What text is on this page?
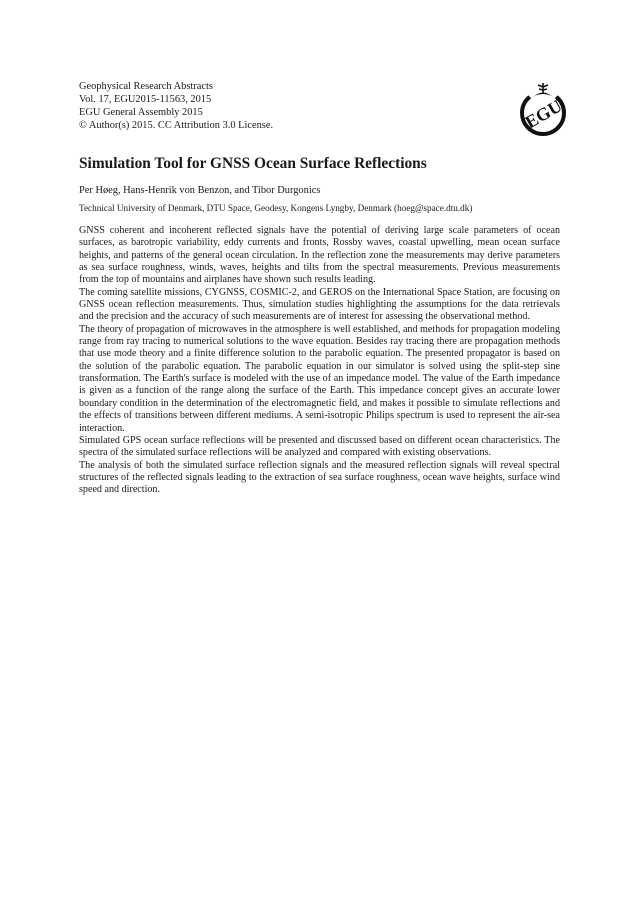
Geophysical Research Abstracts
Vol. 17, EGU2015-11563, 2015
EGU General Assembly 2015
© Author(s) 2015. CC Attribution 3.0 License.	EGU
Simulation Tool for GNSS Ocean Surface Reflections
Per Høeg, Hans-Henrik von Benzon, and Tibor Durgonics
Technical University of Denmark, DTU Space, Geodesy, Kongens Lyngby, Denmark (hoeg@space.dtu.dk)

GNSS coherent and incoherent reflected signals have the potential of deriving large scale parameters of ocean surfaces, as barotropic variability, eddy currents and fronts, Rossby waves, coastal upwelling, mean ocean surface heights, and patterns of the general ocean circulation. In the reflection zone the measurements may derive parameters as sea surface roughness, winds, waves, heights and tilts from the spectral measurements. Previous measurements from the top of mountains and airplanes have shown such results leading.

The coming satellite missions, CYGNSS, COSMIC-2, and GEROS on the International Space Station, are focusing on GNSS ocean reflection measurements. Thus, simulation studies highlighting the assumptions for the data retrievals and the precision and the accuracy of such measurements are of interest for assessing the observational method.

The theory of propagation of microwaves in the atmosphere is well established, and methods for propagation modeling range from ray tracing to numerical solutions to the wave equation. Besides ray tracing there are propagation methods that use mode theory and a finite difference solution to the parabolic equation. The presented propagator is based on the solution of the parabolic equation. The parabolic equation in our simulator is solved using the split-step sine transformation. The Earth's surface is modeled with the use of an impedance model. The value of the Earth impedance is given as a function of the range along the surface of the Earth. This impedance concept gives an accurate lower boundary condition in the determination of the electromagnetic field, and makes it possible to simulate reflections and the effects of transitions between different mediums. A semi-isotropic Philips spectrum is used to represent the air-sea interaction.

Simulated GPS ocean surface reflections will be presented and discussed based on different ocean characteristics. The spectra of the simulated surface reflections will be analyzed and compared with existing observations.

The analysis of both the simulated surface reflection signals and the measured reflection signals will reveal spectral structures of the reflected signals leading to the extraction of sea surface roughness, ocean wave heights, surface wind speed and direction.
